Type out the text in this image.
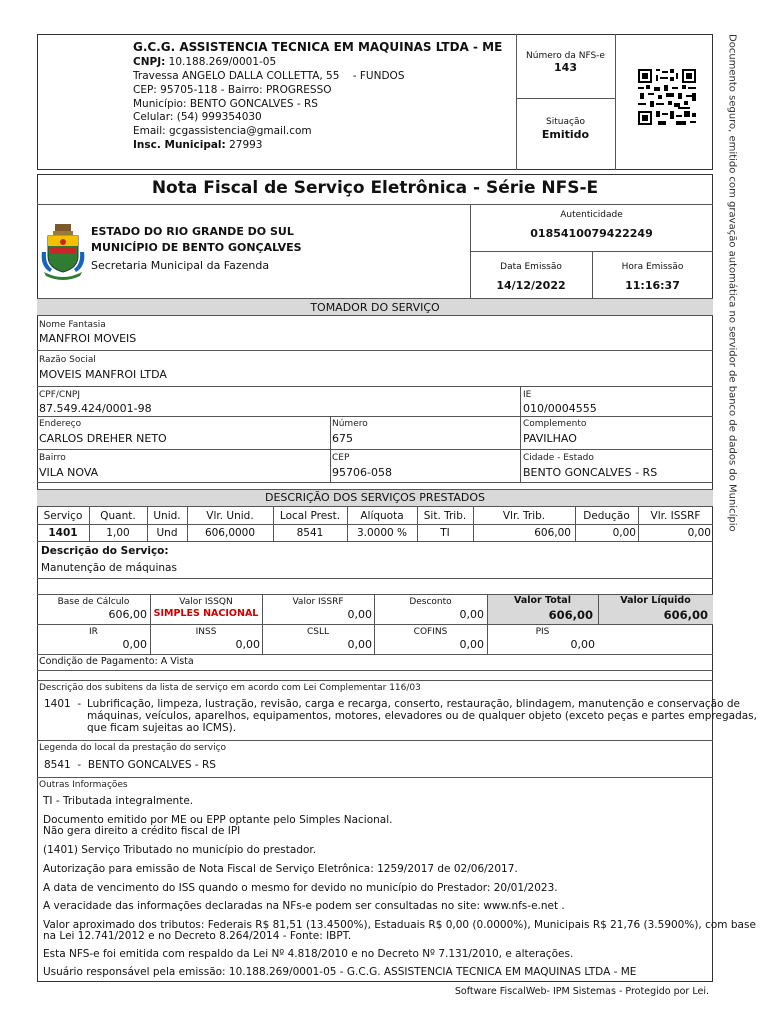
G.C.G. ASSISTENCIA TECNICA EM MAQUINAS LTDA - ME
CNPJ: 10.188.269/0001-05
Travessa ANGELO DALLA COLLETTA, 55    - FUNDOS
CEP: 95705-118 - Bairro: PROGRESSO
Município: BENTO GONCALVES - RS
Celular: (54) 999354030
Email: gcgassistencia@gmail.com
Insc. Municipal: 27993
Número da NFS-e
143
Situação
Emitido	Documento seguro, emitido com gravação automática no servidor de banco de dados do Município
Nota Fiscal de Serviço Eletrônica - Série NFS-E
ESTADO DO RIO GRANDE DO SUL
MUNICÍPIO DE BENTO GONÇALVES
Secretaria Municipal da Fazenda
Autenticidade
0185410079422249
Data Emissão
14/12/2022
Hora Emissão
11:16:37
TOMADOR DO SERVIÇO
Nome Fantasia
MANFROI MOVEIS
Razão Social
MOVEIS MANFROI LTDA
CPF/CNPJ
87.549.424/0001-98
IE
010/0004555
Endereço
CARLOS DREHER NETO
Número
675
Complemento
PAVILHAO
Bairro
VILA NOVA
CEP
95706-058
Cidade - Estado
BENTO GONCALVES - RS
DESCRIÇÃO DOS SERVIÇOS PRESTADOS
Serviço	Quant.	Unid.	Vlr. Unid.	Local Prest.	Alíquota	Sit. Trib.	Vlr. Trib.	Dedução	Vlr. ISSRF
1401	1,00	Und	606,0000	8541	3.0000 %	TI	606,00	0,00	0,00
Descrição do Serviço:
Manutenção de máquinas
Base de Cálculo
606,00
Valor ISSQN
SIMPLES NACIONAL
Valor ISSRF
0,00
Desconto
0,00
Valor Total
606,00
Valor Líquido
606,00
IR
0,00
INSS
0,00
CSLL
0,00
COFINS
0,00
PIS
0,00
Condição de Pagamento: A Vista
Descrição dos subitens da lista de serviço em acordo com Lei Complementar 116/03
1401  - Lubrificação, limpeza, lustração, revisão, carga e recarga, conserto, restauração, blindagem, manutenção e conservação de
máquinas, veículos, aparelhos, equipamentos, motores, elevadores ou de qualquer objeto (exceto peças e partes empregadas,
que ficam sujeitas ao ICMS).
Legenda do local da prestação do serviço
8541  -  BENTO GONCALVES - RS
Outras Informações
TI - Tributada integralmente.
Documento emitido por ME ou EPP optante pelo Simples Nacional.
Não gera direito a crédito fiscal de IPI
(1401) Serviço Tributado no município do prestador.
Autorização para emissão de Nota Fiscal de Serviço Eletrônica: 1259/2017 de 02/06/2017.
A data de vencimento do ISS quando o mesmo for devido no município do Prestador: 20/01/2023.
A veracidade das informações declaradas na NFs-e podem ser consultadas no site: www.nfs-e.net .
Valor aproximado dos tributos: Federais R$ 81,51 (13.4500%), Estaduais R$ 0,00 (0.0000%), Municipais R$ 21,76 (3.5900%), com base
na Lei 12.741/2012 e no Decreto 8.264/2014 - Fonte: IBPT.
Esta NFS-e foi emitida com respaldo da Lei Nº 4.818/2010 e no Decreto Nº 7.131/2010, e alterações.
Usuário responsável pela emissão: 10.188.269/0001-05 - G.C.G. ASSISTENCIA TECNICA EM MAQUINAS LTDA - ME
Software FiscalWeb- IPM Sistemas - Protegido por Lei.
